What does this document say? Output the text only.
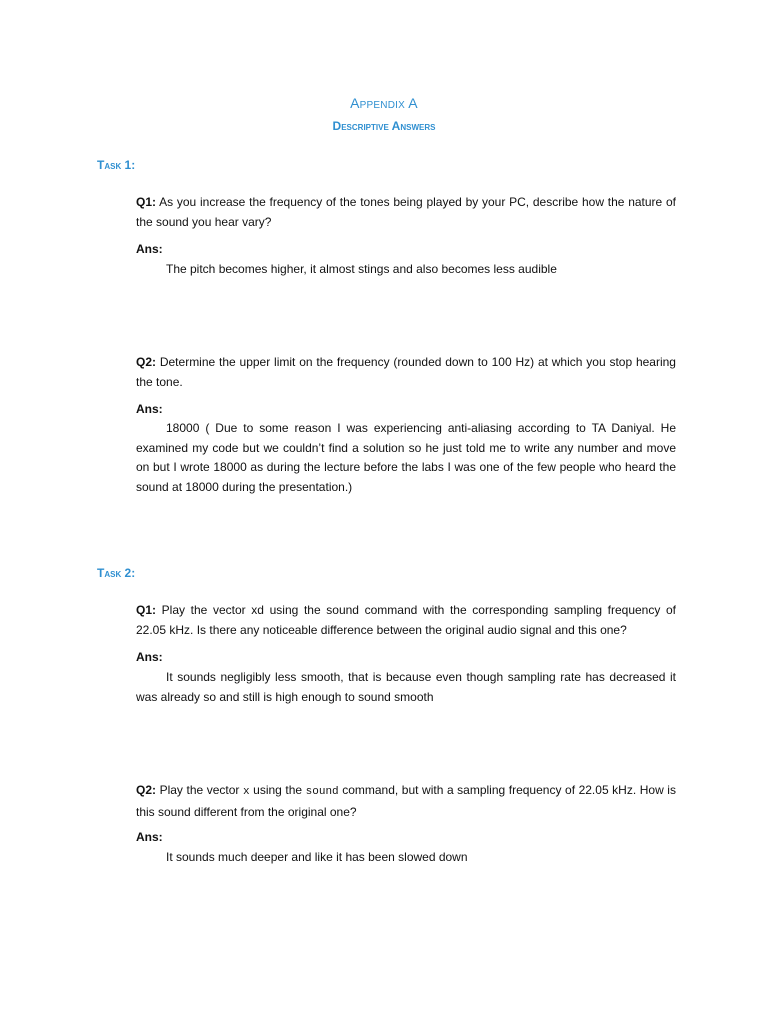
Appendix A
Descriptive Answers
Task 1:
Q1: As you increase the frequency of the tones being played by your PC, describe how the nature of the sound you hear vary?
Ans:
The pitch becomes higher, it almost stings and also becomes less audible
Q2: Determine the upper limit on the frequency (rounded down to 100 Hz) at which you stop hearing the tone.
Ans:
18000 ( Due to some reason I was experiencing anti-aliasing according to TA Daniyal. He examined my code but we couldn’t find a solution so he just told me to write any number and move on but I wrote 18000 as during the lecture before the labs I was one of the few people who heard the sound at 18000 during the presentation.)
Task 2:
Q1: Play the vector xd using the sound command with the corresponding sampling frequency of 22.05 kHz. Is there any noticeable difference between the original audio signal and this one?
Ans:
It sounds negligibly less smooth, that is because even though sampling rate has decreased it was already so and still is high enough to sound smooth
Q2: Play the vector x using the sound command, but with a sampling frequency of 22.05 kHz. How is this sound different from the original one?
Ans:
It sounds much deeper and like it has been slowed down
